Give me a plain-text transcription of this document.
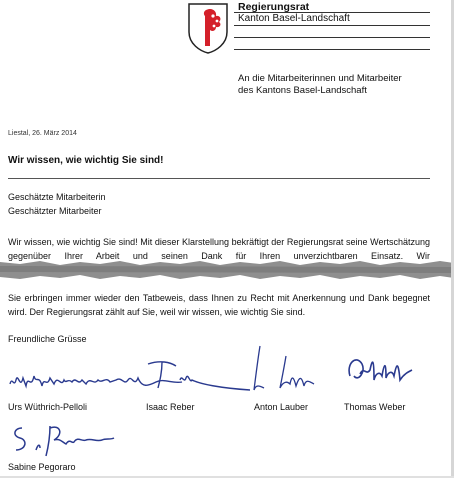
Regierungsrat
Kanton Basel-Landschaft
An die Mitarbeiterinnen und Mitarbeiter
des Kantons Basel-Landschaft
Liestal, 26. März 2014
Wir wissen, wie wichtig Sie sind!
Geschätzte Mitarbeiterin
Geschätzter Mitarbeiter
Wir wissen, wie wichtig Sie sind! Mit dieser Klarstellung bekräftigt der Regierungsrat seine Wertschätzung gegenüber Ihrer Arbeit und seinen Dank für Ihren unverzichtbaren Einsatz. Wir
Sie erbringen immer wieder den Tatbeweis, dass Ihnen zu Recht mit Anerkennung und Dank begegnet wird. Der Regierungsrat zählt auf Sie, weil wir wissen, wie wichtig Sie sind.
Freundliche Grüsse
Urs Wüthrich-Pelloli	Isaac Reber	Anton Lauber	Thomas Weber
Sabine Pegoraro
